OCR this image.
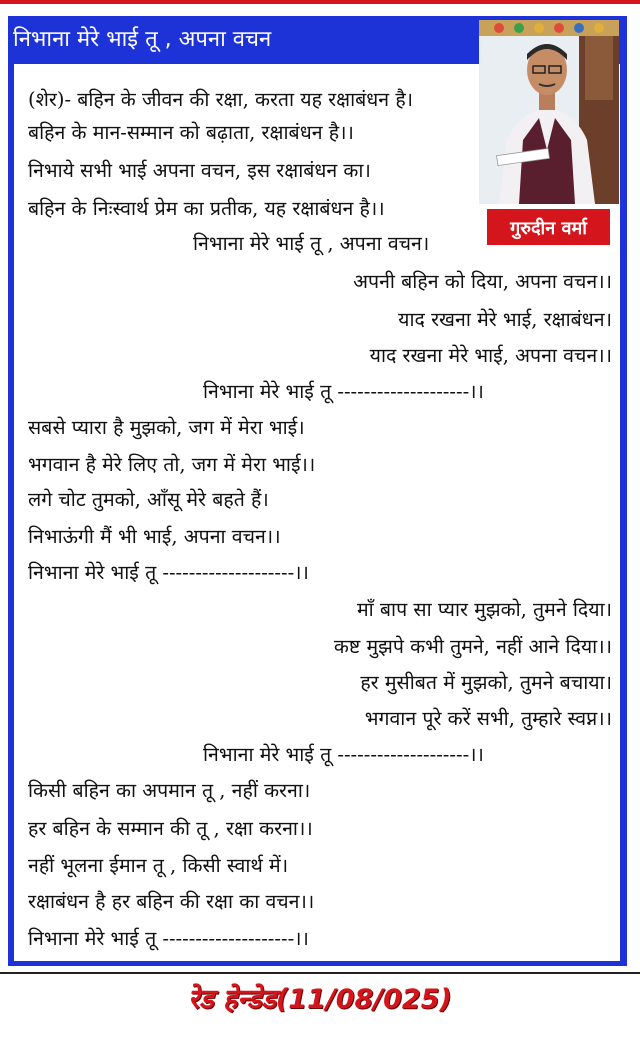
निभाना मेरे भाई तू , अपना वचन
गुरुदीन वर्मा
(शेर)- बहिन के जीवन की रक्षा, करता यह रक्षाबंधन है।
बहिन के मान-सम्मान को बढ़ाता, रक्षाबंधन है।।
निभाये सभी भाई अपना वचन, इस रक्षाबंधन का।
बहिन के निःस्वार्थ प्रेम का प्रतीक, यह रक्षाबंधन है।।
निभाना मेरे भाई तू , अपना वचन।
अपनी बहिन को दिया, अपना वचन।।
याद रखना मेरे भाई, रक्षाबंधन।
याद रखना मेरे भाई, अपना वचन।।
निभाना मेरे भाई तू --------------------।।
सबसे प्यारा है मुझको, जग में मेरा भाई।
भगवान है मेरे लिए तो, जग में मेरा भाई।।
लगे चोट तुमको, आँसू मेरे बहते हैं।
निभाऊंगी मैं भी भाई, अपना वचन।।
निभाना मेरे भाई तू --------------------।।
माँ बाप सा प्यार मुझको, तुमने दिया।
कष्ट मुझपे कभी तुमने, नहीं आने दिया।।
हर मुसीबत में मुझको, तुमने बचाया।
भगवान पूरे करें सभी, तुम्हारे स्वप्न।।
निभाना मेरे भाई तू --------------------।।
किसी बहिन का अपमान तू , नहीं करना।
हर बहिन के सम्मान की तू , रक्षा करना।।
नहीं भूलना ईमान तू , किसी स्वार्थ में।
रक्षाबंधन है हर बहिन की रक्षा का वचन।।
निभाना मेरे भाई तू --------------------।।
रेड हेन्डेड(11/08/025)
